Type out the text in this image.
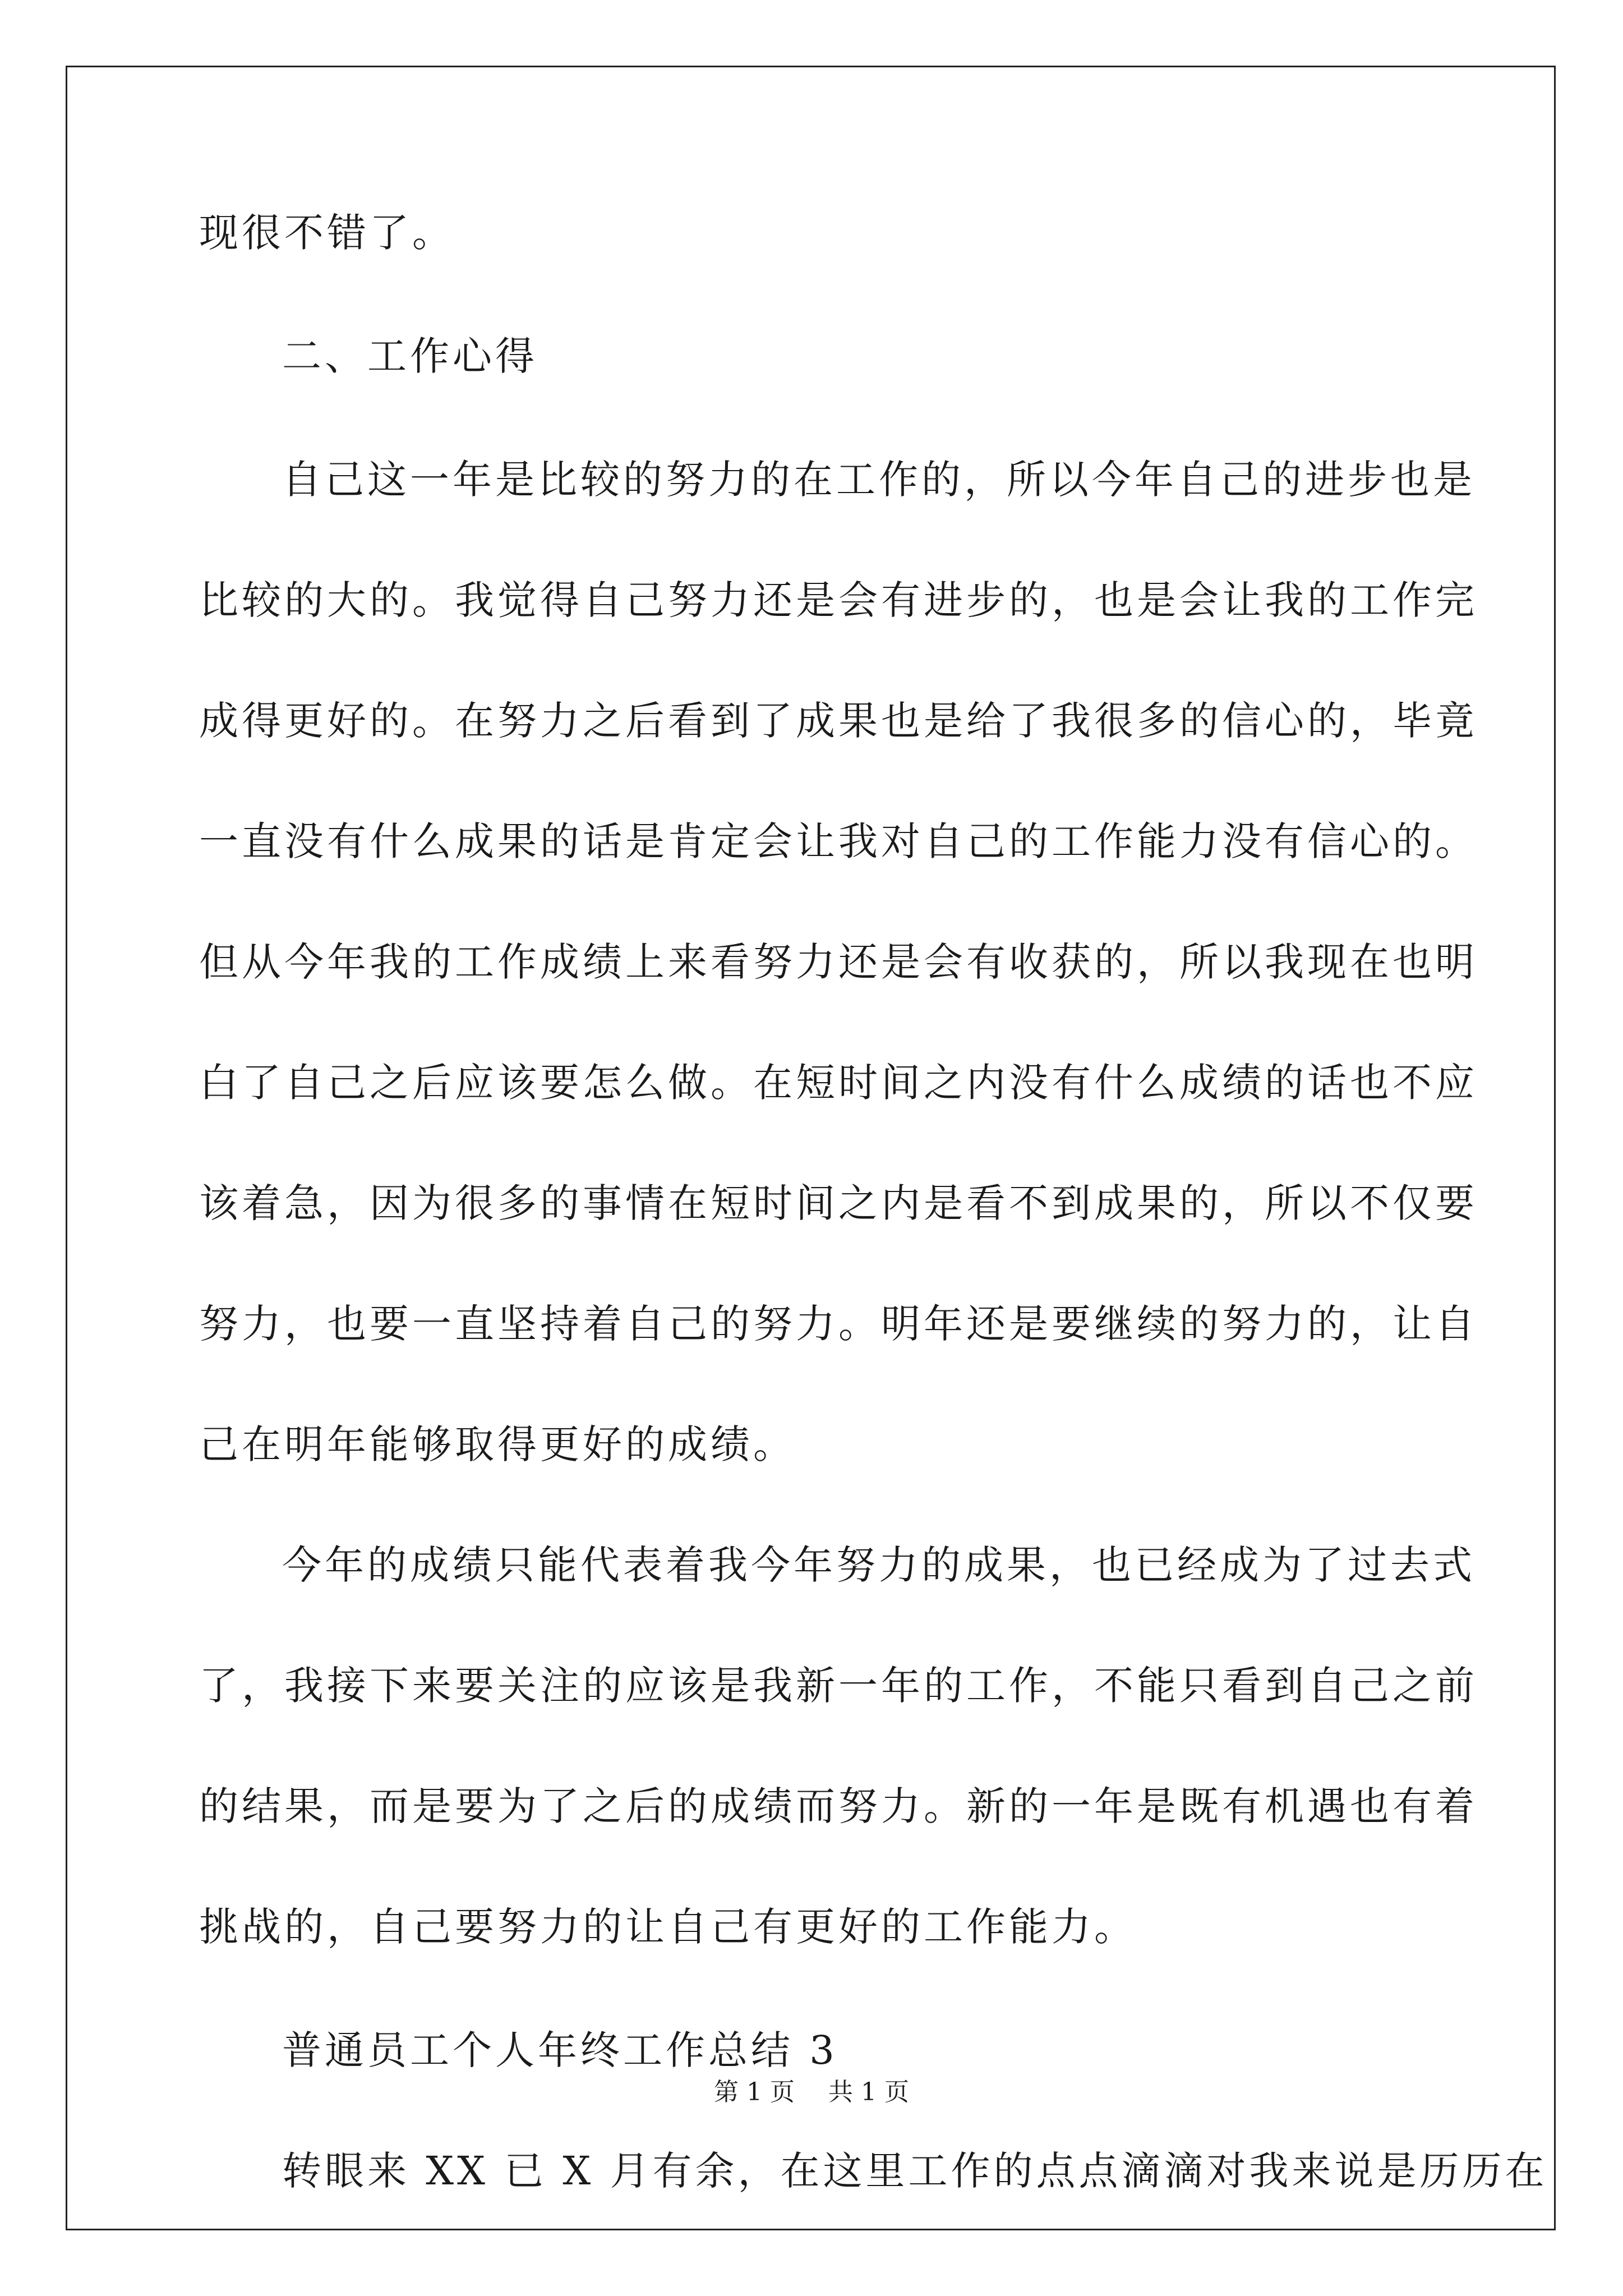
现很不错了。
二、工作心得
自己这一年是比较的努力的在工作的，所以今年自己的进步也是
比较的大的。我觉得自己努力还是会有进步的，也是会让我的工作完
成得更好的。在努力之后看到了成果也是给了我很多的信心的，毕竟
一直没有什么成果的话是肯定会让我对自己的工作能力没有信心的。
但从今年我的工作成绩上来看努力还是会有收获的，所以我现在也明
白了自己之后应该要怎么做。在短时间之内没有什么成绩的话也不应
该着急，因为很多的事情在短时间之内是看不到成果的，所以不仅要
努力，也要一直坚持着自己的努力。明年还是要继续的努力的，让自
己在明年能够取得更好的成绩。
今年的成绩只能代表着我今年努力的成果，也已经成为了过去式
了，我接下来要关注的应该是我新一年的工作，不能只看到自己之前
的结果，而是要为了之后的成绩而努力。新的一年是既有机遇也有着
挑战的，自己要努力的让自己有更好的工作能力。
普通员工个人年终工作总结 3
转眼来 XX 已 X 月有余，在这里工作的点点滴滴对我来说是历历在
第 1 页 共 1 页
